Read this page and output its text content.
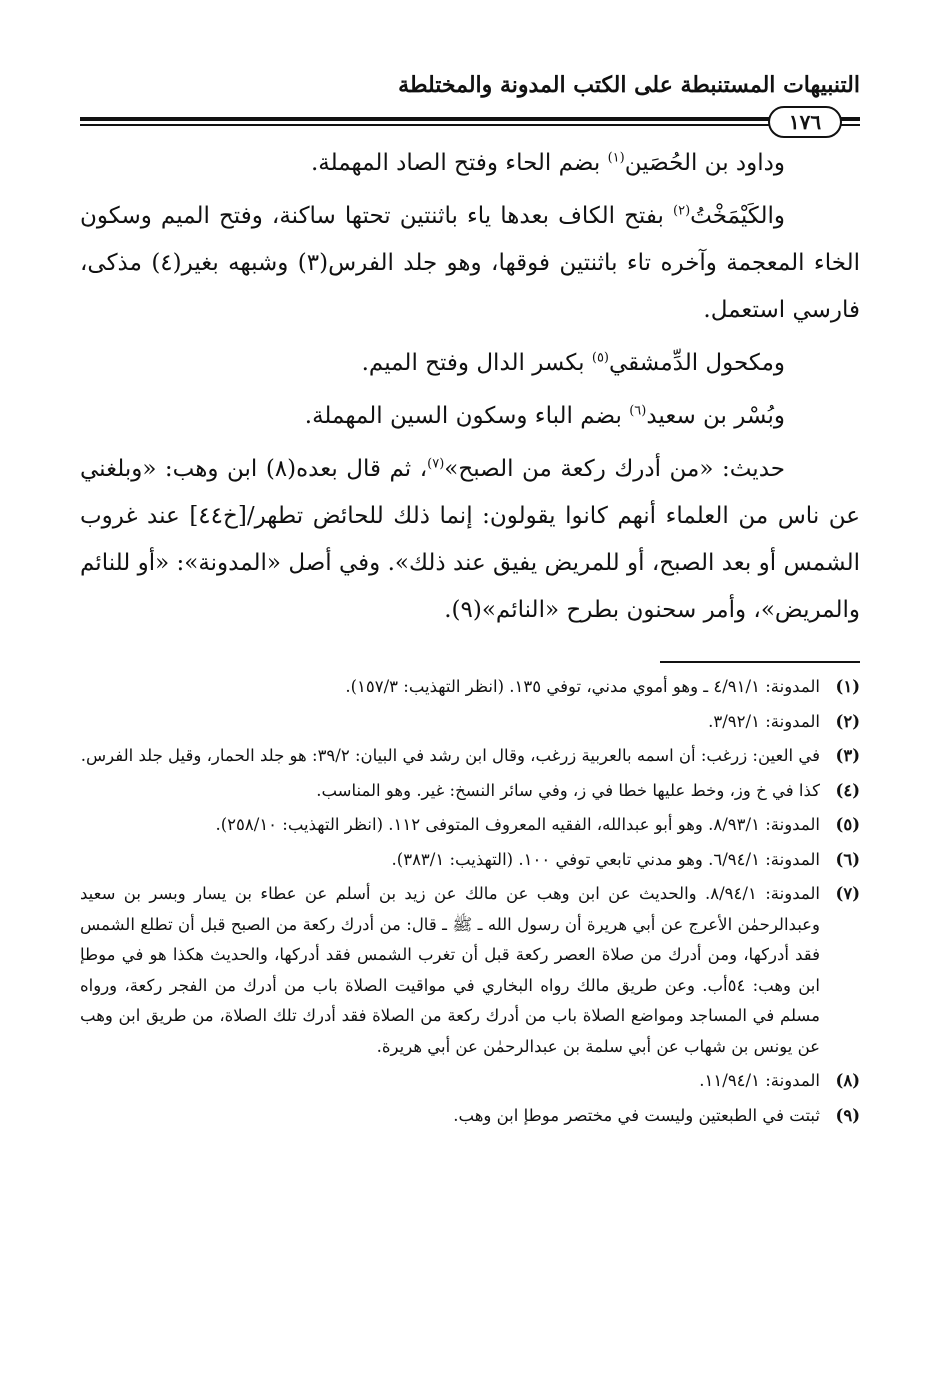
التنبيهات المستنبطة على الكتب المدونة والمختلطة
١٧٦

وداود بن الحُصَين$^{(١)}$ بضم الحاء وفتح الصاد المهملة.

والكَيْمَخْتُ$^{(٢)}$ بفتح الكاف بعدها ياء باثنتين تحتها ساكنة، وفتح الميم وسكون الخاء المعجمة وآخره تاء باثنتين فوقها، وهو جلد الفرس(٣) وشبهه بغير(٤) مذكى، فارسي استعمل.

ومكحول الدِّمشقي$^{(٥)}$ بكسر الدال وفتح الميم.

وبُسْر بن سعيد$^{(٦)}$ بضم الباء وسكون السين المهملة.

حديث: «من أدرك ركعة من الصبح»$^{(٧)}$، ثم قال بعده(٨) ابن وهب: «وبلغني عن ناس من العلماء أنهم كانوا يقولون: إنما ذلك للحائض تطهر/[خ٤٤] عند غروب الشمس أو بعد الصبح، أو للمريض يفيق عند ذلك». وفي أصل «المدونة»: «أو للنائم والمريض»، وأمر سحنون بطرح «النائم»(٩).

(١)
المدونة: ٤/٩١/١ ـ وهو أموي مدني، توفي ١٣٥. (انظر التهذيب: ١٥٧/٣).
(٢)
المدونة: ٣/٩٢/١.
(٣)
في العين: زرغب: أن اسمه بالعربية زرغب، وقال ابن رشد في البيان: ٣٩/٢: هو جلد الحمار، وقيل جلد الفرس.
(٤)
كذا في خ وز، وخط عليها خطا في ز، وفي سائر النسخ: غير. وهو المناسب.
(٥)
المدونة: ٨/٩٣/١. وهو أبو عبدالله، الفقيه المعروف المتوفى ١١٢. (انظر التهذيب: ٢٥٨/١٠).
(٦)
المدونة: ٦/٩٤/١. وهو مدني تابعي توفي ١٠٠. (التهذيب: ٣٨٣/١).
(٧)
المدونة: ٨/٩٤/١. والحديث عن ابن وهب عن مالك عن زيد بن أسلم عن عطاء بن يسار وبسر بن سعيد وعبدالرحمٰن الأعرج عن أبي هريرة أن رسول الله ـ ﷺ ـ قال: من أدرك ركعة من الصبح قبل أن تطلع الشمس فقد أدركها، ومن أدرك من صلاة العصر ركعة قبل أن تغرب الشمس فقد أدركها، والحديث هكذا هو في موطإ ابن وهب: ٥٤أب. وعن طريق مالك رواه البخاري في مواقيت الصلاة باب من أدرك من الفجر ركعة، ورواه مسلم في المساجد ومواضع الصلاة باب من أدرك ركعة من الصلاة فقد أدرك تلك الصلاة، من طريق ابن وهب عن يونس بن شهاب عن أبي سلمة بن عبدالرحمٰن عن أبي هريرة.
(٨)
المدونة: ١١/٩٤/١.
(٩)
ثبتت في الطبعتين وليست في مختصر موطإ ابن وهب.
